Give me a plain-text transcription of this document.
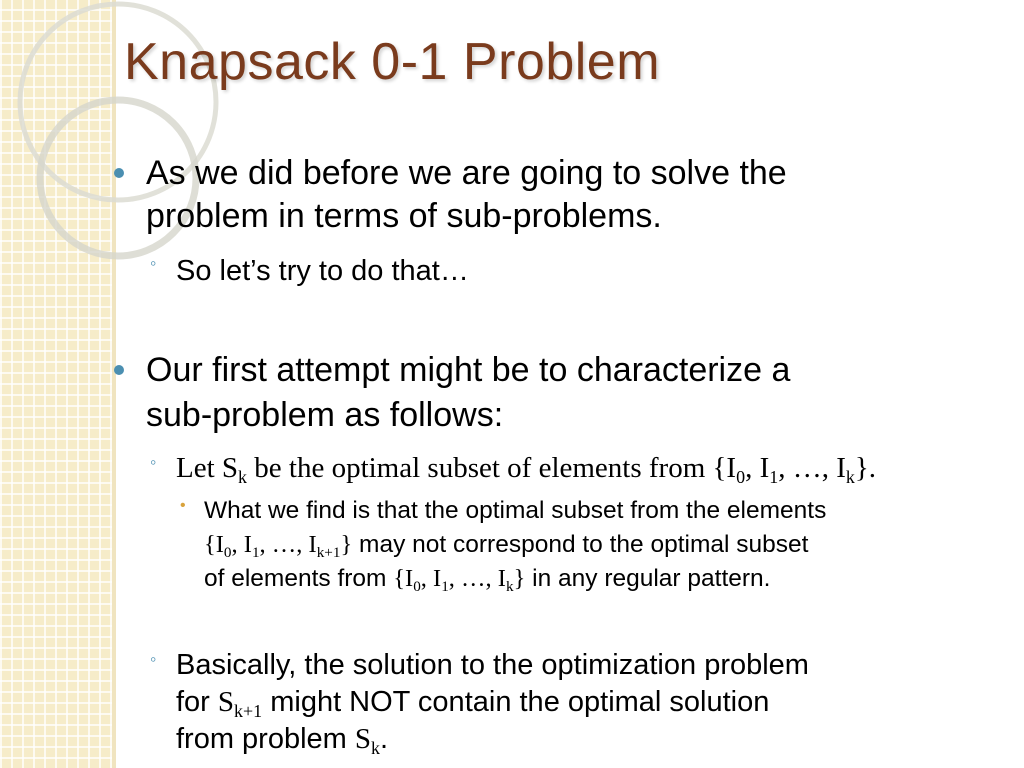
Knapsack 0-1 Problem
As we did before we are going to solve the
problem in terms of sub-problems.
◦ So let’s try to do that…
Our first attempt might be to characterize a
sub-problem as follows:
◦ Let $S_k$ be the optimal subset of elements from {$I_0$, $I_1$, …, $I_k$}.
• What we find is that the optimal subset from the elements
{$I_0$, $I_1$, …, $I_{k+1}$} may not correspond to the optimal subset
of elements from {$I_0$, $I_1$, …, $I_k$} in any regular pattern.
◦ Basically, the solution to the optimization problem
for $S_{k+1}$ might NOT contain the optimal solution
from problem $S_k$.
